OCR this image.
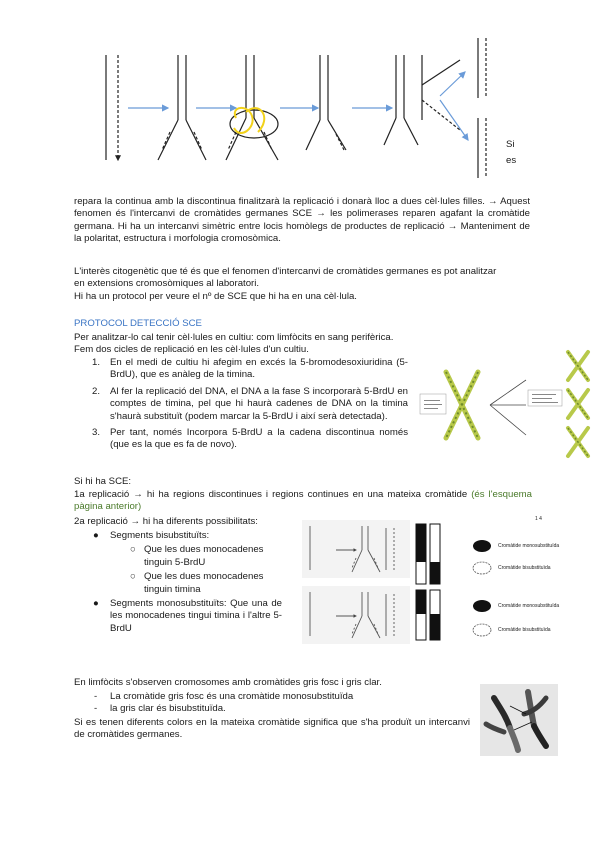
Si
es
repara la continua amb la discontinua finalitzarà la replicació i donarà lloc a dues cèl·lules filles. → Aquest fenomen és l'intercanvi de cromàtides germanes SCE → les polimerases reparen agafant la cromàtide germana. Hi ha un intercanvi simètric entre locis homòlegs de productes de replicació → Manteniment de la polaritat, estructura i morfologia cromosòmica.
L'interès citogenètic que té és que el fenomen d'intercanvi de cromàtides germanes es pot analitzar
en extensions cromosòmiques al laboratori.
Hi ha un protocol per veure el nº de SCE que hi ha en una cèl·lula.
PROTOCOL DETECCIÓ SCE
Per analitzar-lo cal tenir cèl·lules en cultiu: com limfòcits en sang perifèrica.
Fem dos cicles de replicació en les cèl·lules d'un cultiu.
1. En el medi de cultiu hi afegim en excés la 5-bromodesoxiuridina (5-BrdU), que es anàleg de la timina.
2. Al fer la replicació del DNA, el DNA a la fase S incorporarà 5-BrdU en comptes de timina, pel que hi haurà cadenes de DNA on la timina s'haurà substituït (podem marcar la 5-BrdU i així serà detectada).
3. Per tant, només Incorpora 5-BrdU a la cadena discontinua només (que es la que es fa de novo).
Si hi ha SCE:
1a replicació → hi ha regions discontinues i regions continues en una mateixa cromàtide (és l'esquema pàgina anterior)
2a replicació → hi ha diferents possibilitats:
● Segments bisubstituïts:
○ Que les dues monocadenes tinguin 5-BrdU
○ Que les dues monocadenes tinguin timina
● Segments monosubstituïts: Que una de les monocadenes tingui timina i l'altre 5-BrdU
1 4
Cromàtide monosubstituïda
Cromàtide bisubstituïda
Cromàtide monosubstituïda
Cromàtide bisubstituïda
En limfòcits s'observen cromosomes amb cromàtides gris fosc i gris clar.
- La cromàtide gris fosc és una cromàtide monosubstituïda
- la gris clar és bisubstituïda.
Si es tenen diferents colors en la mateixa cromàtide significa que s'ha produït un intercanvi de cromàtides germanes.
